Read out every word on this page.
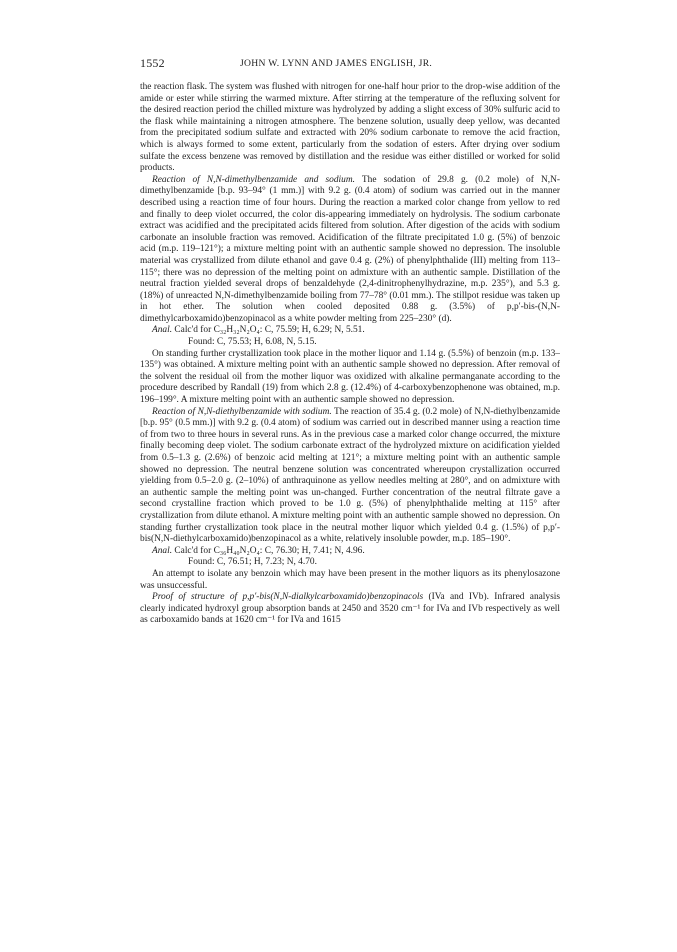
1552	JOHN W. LYNN AND JAMES ENGLISH, JR.

the reaction flask. The system was flushed with nitrogen for one-half hour prior to the drop-wise addition of the amide or ester while stirring the warmed mixture. After stirring at the temperature of the refluxing solvent for the desired reaction period the chilled mixture was hydrolyzed by adding a slight excess of 30% sulfuric acid to the flask while maintaining a nitrogen atmosphere. The benzene solution, usually deep yellow, was decanted from the precipitated sodium sulfate and extracted with 20% sodium carbonate to remove the acid fraction, which is always formed to some extent, particularly from the sodation of esters. After drying over sodium sulfate the excess benzene was removed by distillation and the residue was either distilled or worked for solid products.

Reaction of N,N-dimethylbenzamide and sodium. The sodation of 29.8 g. (0.2 mole) of N,N-dimethylbenzamide [b.p. 93–94° (1 mm.)] with 9.2 g. (0.4 atom) of sodium was carried out in the manner described using a reaction time of four hours. During the reaction a marked color change from yellow to red and finally to deep violet occurred, the color dis-appearing immediately on hydrolysis. The sodium carbonate extract was acidified and the precipitated acids filtered from solution. After digestion of the acids with sodium carbonate an insoluble fraction was removed. Acidification of the filtrate precipitated 1.0 g. (5%) of benzoic acid (m.p. 119–121°); a mixture melting point with an authentic sample showed no depression. The insoluble material was crystallized from dilute ethanol and gave 0.4 g. (2%) of phenylphthalide (III) melting from 113–115°; there was no depression of the melting point on admixture with an authentic sample. Distillation of the neutral fraction yielded several drops of benzaldehyde (2,4-dinitrophenylhydrazine, m.p. 235°), and 5.3 g. (18%) of unreacted N,N-dimethylbenzamide boiling from 77–78° (0.01 mm.). The stillpot residue was taken up in hot ether. The solution when cooled deposited 0.88 g. (3.5%) of p,p′-bis-(N,N-dimethylcarboxamido)benzopinacol as a white powder melting from 225–230° (d).

Anal. Calc'd for C₃₂H₃₂N₂O₄: C, 75.59; H, 6.29; N, 5.51.

Found: C, 75.53; H, 6.08, N, 5.15.

On standing further crystallization took place in the mother liquor and 1.14 g. (5.5%) of benzoin (m.p. 133–135°) was obtained. A mixture melting point with an authentic sample showed no depression. After removal of the solvent the residual oil from the mother liquor was oxidized with alkaline permanganate according to the procedure described by Randall (19) from which 2.8 g. (12.4%) of 4-carboxybenzophenone was obtained, m.p. 196–199°. A mixture melting point with an authentic sample showed no depression.

Reaction of N,N-diethylbenzamide with sodium. The reaction of 35.4 g. (0.2 mole) of N,N-diethylbenzamide [b.p. 95° (0.5 mm.)] with 9.2 g. (0.4 atom) of sodium was carried out in described manner using a reaction time of from two to three hours in several runs. As in the previous case a marked color change occurred, the mixture finally becoming deep violet. The sodium carbonate extract of the hydrolyzed mixture on acidification yielded from 0.5–1.3 g. (2.6%) of benzoic acid melting at 121°; a mixture melting point with an authentic sample showed no depression. The neutral benzene solution was concentrated whereupon crystallization occurred yielding from 0.5–2.0 g. (2–10%) of anthraquinone as yellow needles melting at 280°, and on admixture with an authentic sample the melting point was un-changed. Further concentration of the neutral filtrate gave a second crystalline fraction which proved to be 1.0 g. (5%) of phenylphthalide melting at 115° after crystallization from dilute ethanol. A mixture melting point with an authentic sample showed no depression. On standing further crystallization took place in the neutral mother liquor which yielded 0.4 g. (1.5%) of p,p′-bis(N,N-diethylcarboxamido)benzopinacol as a white, relatively insoluble powder, m.p. 185–190°.

Anal. Calc'd for C₃₆H₄₀N₂O₄: C, 76.30; H, 7.41; N, 4.96.

Found: C, 76.51; H, 7.23; N, 4.70.

An attempt to isolate any benzoin which may have been present in the mother liquors as its phenylosazone was unsuccessful.

Proof of structure of p,p′-bis(N,N-dialkylcarboxamido)benzopinacols (IVa and IVb). Infrared analysis clearly indicated hydroxyl group absorption bands at 2450 and 3520 cm⁻¹ for IVa and IVb respectively as well as carboxamido bands at 1620 cm⁻¹ for IVa and 1615
